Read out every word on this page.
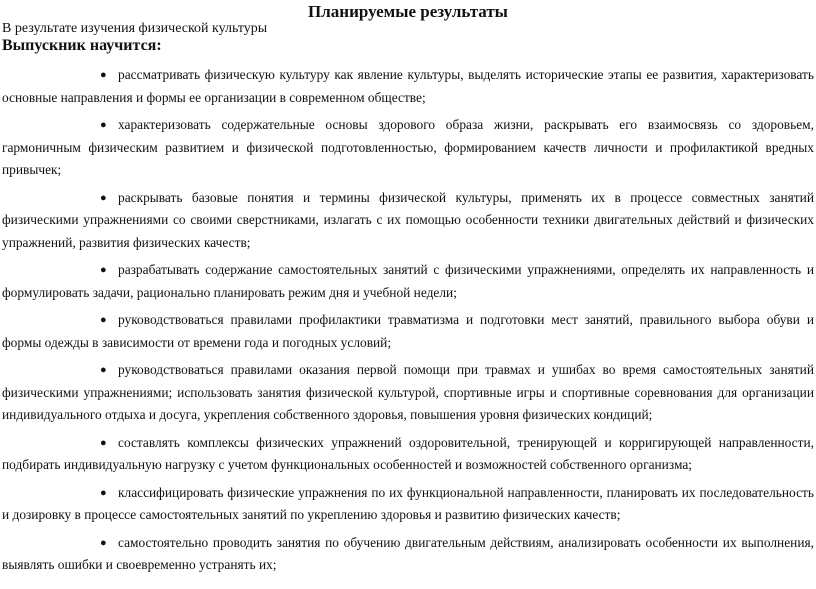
Планируемые результаты
В результате изучения физической культуры
Выпускник научится:
● рассматривать физическую культуру как явление культуры, выделять исторические этапы ее развития, характеризовать основные направления и формы ее организации в современном обществе;
● характеризовать содержательные основы здорового образа жизни, раскрывать его взаимосвязь со здоровьем, гармоничным физическим развитием и физической подготовленностью, формированием качеств личности и профилактикой вредных привычек;
● раскрывать базовые понятия и термины физической культуры, применять их в процессе совместных занятий физическими упражнениями со своими сверстниками, излагать с их помощью особенности техники двигательных действий и физических упражнений, развития физических качеств;
● разрабатывать содержание самостоятельных занятий с физическими упражнениями, определять их направленность и формулировать задачи, рационально планировать режим дня и учебной недели;
● руководствоваться правилами профилактики травматизма и подготовки мест занятий, правильного выбора обуви и формы одежды в зависимости от времени года и погодных условий;
● руководствоваться правилами оказания первой помощи при травмах и ушибах во время самостоятельных занятий физическими упражнениями; использовать занятия физической культурой, спортивные игры и спортивные соревнования для организации индивидуального отдыха и досуга, укрепления собственного здоровья, повышения уровня физических кондиций;
● составлять комплексы физических упражнений оздоровительной, тренирующей и корригирующей направленности, подбирать индивидуальную нагрузку с учетом функциональных особенностей и возможностей собственного организма;
● классифицировать физические упражнения по их функциональной направленности, планировать их последовательность и дозировку в процессе самостоятельных занятий по укреплению здоровья и развитию физических качеств;
● самостоятельно проводить занятия по обучению двигательным действиям, анализировать особенности их выполнения, выявлять ошибки и своевременно устранять их;
